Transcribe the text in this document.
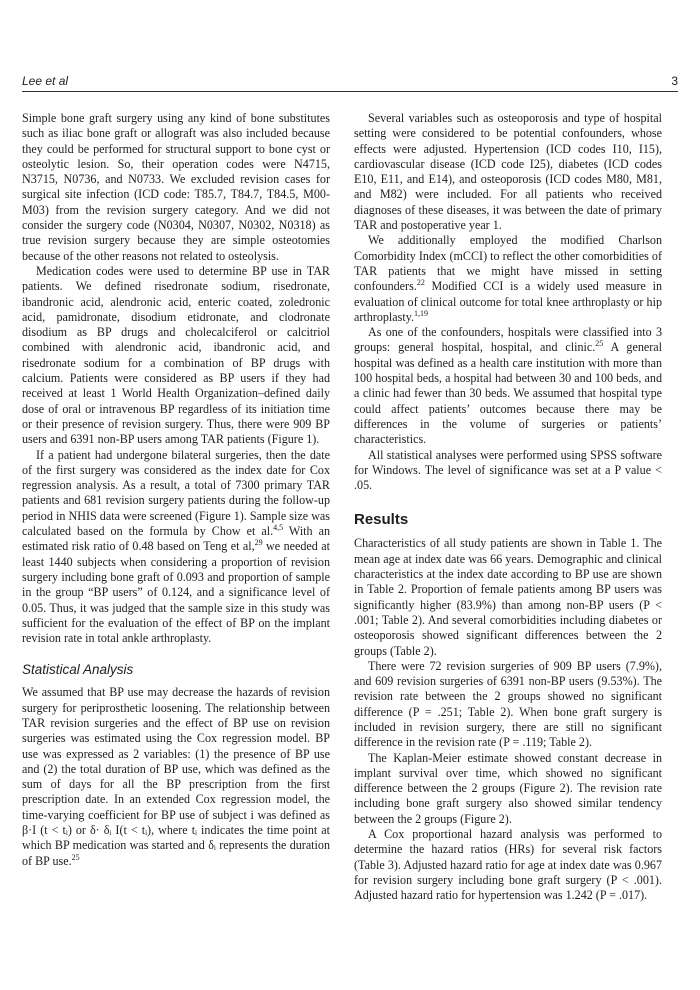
Lee et al	3

Simple bone graft surgery using any kind of bone substitutes such as iliac bone graft or allograft was also included because they could be performed for structural support to bone cyst or osteolytic lesion. So, their operation codes were N4715, N3715, N0736, and N0733. We excluded revision cases for surgical site infection (ICD code: T85.7, T84.7, T84.5, M00-M03) from the revision surgery category. And we did not consider the surgery code (N0304, N0307, N0302, N0318) as true revision surgery because they are simple osteotomies because of the other reasons not related to osteolysis.

Medication codes were used to determine BP use in TAR patients. We defined risedronate sodium, risedronate, ibandronic acid, alendronic acid, enteric coated, zoledronic acid, pamidronate, disodium etidronate, and clodronate disodium as BP drugs and cholecalciferol or calcitriol combined with alendronic acid, ibandronic acid, and risedronate sodium for a combination of BP drugs with calcium. Patients were considered as BP users if they had received at least 1 World Health Organization–defined daily dose of oral or intravenous BP regardless of its initiation time or their presence of revision surgery. Thus, there were 909 BP users and 6391 non-BP users among TAR patients (Figure 1).

If a patient had undergone bilateral surgeries, then the date of the first surgery was considered as the index date for Cox regression analysis. As a result, a total of 7300 primary TAR patients and 681 revision surgery patients during the follow-up period in NHIS data were screened (Figure 1). Sample size was calculated based on the formula by Chow et al.$^{4,5}$ With an estimated risk ratio of 0.48 based on Teng et al,$^{29}$ we needed at least 1440 subjects when considering a proportion of revision surgery including bone graft of 0.093 and proportion of sample in the group “BP users” of 0.124, and a significance level of 0.05. Thus, it was judged that the sample size in this study was sufficient for the evaluation of the effect of BP on the implant revision rate in total ankle arthroplasty.

Statistical Analysis

We assumed that BP use may decrease the hazards of revision surgery for periprosthetic loosening. The relationship between TAR revision surgeries and the effect of BP use on revision surgeries was estimated using the Cox regression model. BP use was expressed as 2 variables: (1) the presence of BP use and (2) the total duration of BP use, which was defined as the sum of days for all the BP prescription from the first prescription date. In an extended Cox regression model, the time-varying coefficient for BP use of subject i was defined as β·I (t < tᵢ) or δ· δᵢ I(t < tᵢ), where tᵢ indicates the time point at which BP medication was started and δᵢ represents the duration of BP use.$^{25}$

Several variables such as osteoporosis and type of hospital setting were considered to be potential confounders, whose effects were adjusted. Hypertension (ICD codes I10, I15), cardiovascular disease (ICD code I25), diabetes (ICD codes E10, E11, and E14), and osteoporosis (ICD codes M80, M81, and M82) were included. For all patients who received diagnoses of these diseases, it was between the date of primary TAR and postoperative year 1.

We additionally employed the modified Charlson Comorbidity Index (mCCI) to reflect the other comorbidities of TAR patients that we might have missed in setting confounders.$^{22}$ Modified CCI is a widely used measure in evaluation of clinical outcome for total knee arthroplasty or hip arthroplasty.$^{1,19}$

As one of the confounders, hospitals were classified into 3 groups: general hospital, hospital, and clinic.$^{25}$ A general hospital was defined as a health care institution with more than 100 hospital beds, a hospital had between 30 and 100 beds, and a clinic had fewer than 30 beds. We assumed that hospital type could affect patients’ outcomes because there may be differences in the volume of surgeries or patients’ characteristics.

All statistical analyses were performed using SPSS software for Windows. The level of significance was set at a P value < .05.

Results

Characteristics of all study patients are shown in Table 1. The mean age at index date was 66 years. Demographic and clinical characteristics at the index date according to BP use are shown in Table 2. Proportion of female patients among BP users was significantly higher (83.9%) than among non-BP users (P < .001; Table 2). And several comorbidities including diabetes or osteoporosis showed significant differences between the 2 groups (Table 2).

There were 72 revision surgeries of 909 BP users (7.9%), and 609 revision surgeries of 6391 non-BP users (9.53%). The revision rate between the 2 groups showed no significant difference (P = .251; Table 2). When bone graft surgery is included in revision surgery, there are still no significant difference in the revision rate (P = .119; Table 2).

The Kaplan-Meier estimate showed constant decrease in implant survival over time, which showed no significant difference between the 2 groups (Figure 2). The revision rate including bone graft surgery also showed similar tendency between the 2 groups (Figure 2).

A Cox proportional hazard analysis was performed to determine the hazard ratios (HRs) for several risk factors (Table 3). Adjusted hazard ratio for age at index date was 0.967 for revision surgery including bone graft surgery (P < .001). Adjusted hazard ratio for hypertension was 1.242 (P = .017).
